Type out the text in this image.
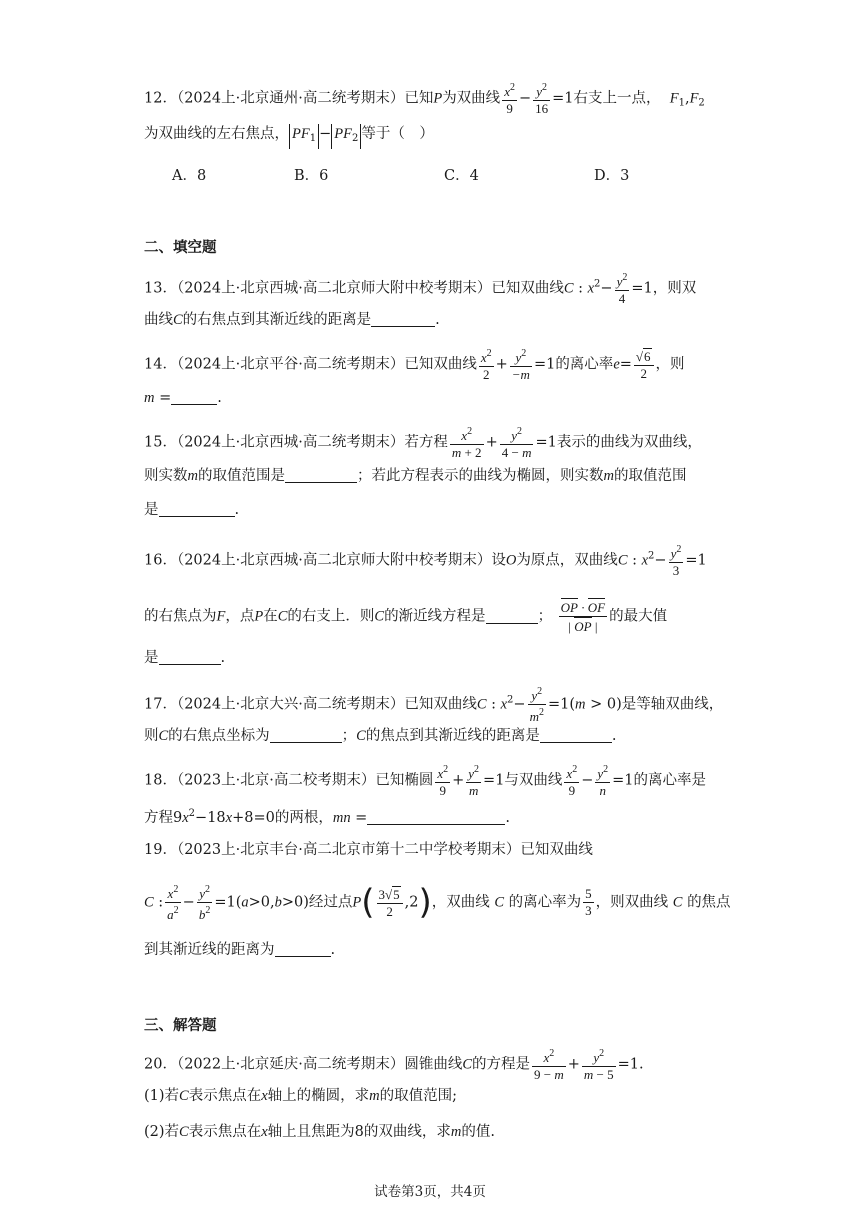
12．（2024上·北京通州·高二统考期末）已知P为双曲线 $\frac{x^2}{9} - \frac{y^2}{16} =1$右支上一点， $F_1,F_2$
为双曲线的左右焦点， $PF_1 - PF_2$ 等于（　）
A．8	B．6	C．4	D．3
二、填空题
13．（2024上·北京西城·高二北京师大附中校考期末）已知双曲线C : $x^2- \frac{y^2}{4} =1$，则双
曲线C的右焦点到其渐近线的距离是	.
14．（2024上·北京平谷·高二统考期末）已知双曲线 $\frac{x^2}{2} + \frac{y^2}{-m} =1$的离心率$e= \frac{√6}{2}$ ，则
m =	.
15．（2024上·北京西城·高二统考期末）若方程 $\frac{x^2}{m + 2} + \frac{y^2}{4 - m} =1$表示的曲线为双曲线，
则实数m的取值范围是	；若此方程表示的曲线为椭圆，则实数m的取值范围
是	.
16．（2024上·北京西城·高二北京师大附中校考期末）设O为原点，双曲线C : $x^2- \frac{y^2}{3} =1$
的右焦点为F，点P在C的右支上．则C的渐近线方程是	； $\frac{OP \cdot OF}{| OP |}$ 的最大值
是	.
17．（2024上·北京大兴·高二统考期末）已知双曲线C : $x^2- \frac{y^2}{m^2} =1(m > 0)$是等轴双曲线，
则C的右焦点坐标为	；C的焦点到其渐近线的距离是	.
18．（2023上·北京·高二校考期末）已知椭圆 $\frac{x^2}{9} + \frac{y^2}{m} =1$与双曲线 $\frac{x^2}{9} - \frac{y^2}{n} =1$的离心率是
方程$9x^2-18x+8=0$的两根，mn =	.
19．（2023上·北京丰台·高二北京市第十二中学校考期末）已知双曲线
C : $\frac{x^2}{a^2} - \frac{y^2}{b^2} =1(a>0,b>0)$经过点$P( \frac{3√5}{2} ,2)$，双曲线 C 的离心率为 $\frac{5}{3}$ ，则双曲线 C 的焦点
到其渐近线的距离为	.
三、解答题
20．（2022上·北京延庆·高二统考期末）圆锥曲线C的方程是 $\frac{x^2}{9 - m} + \frac{y^2}{m - 5} =1$.
(1)若C表示焦点在x轴上的椭圆，求m的取值范围;
(2)若C表示焦点在x轴上且焦距为8的双曲线，求m的值.
试卷第3页，共4页
